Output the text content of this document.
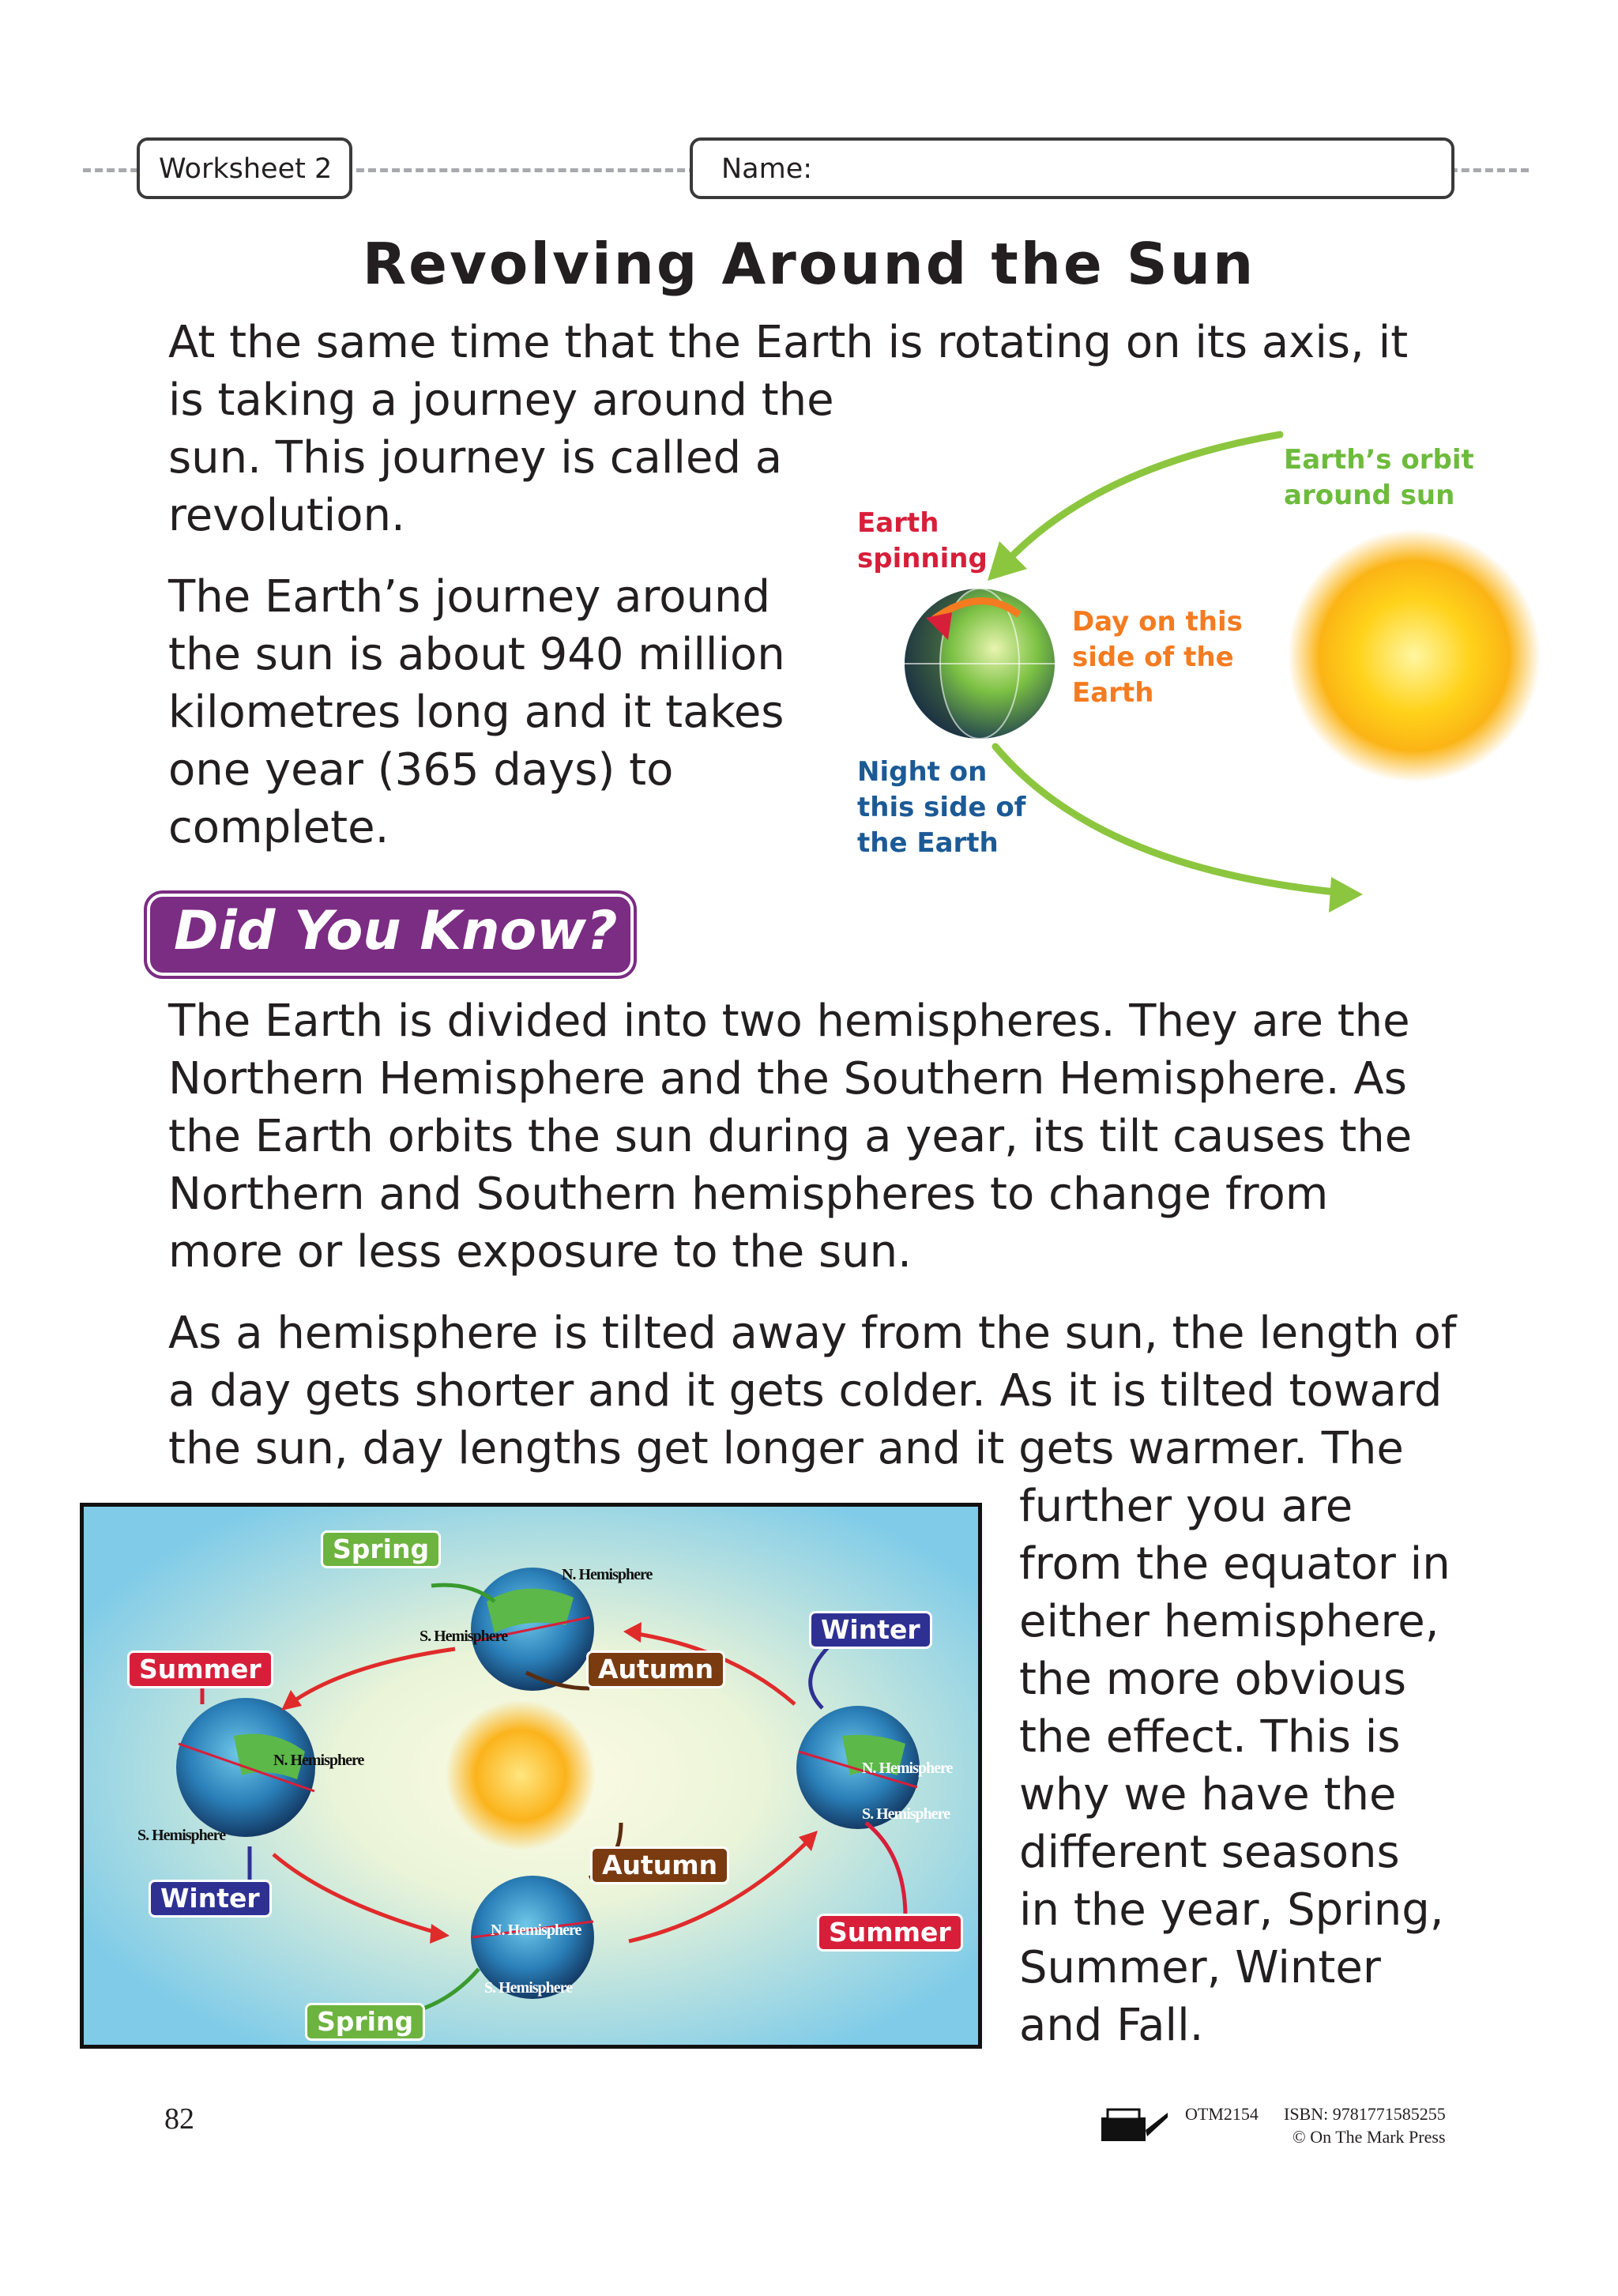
Worksheet 2	Name:
Revolving Around the Sun

At the same time that the Earth is rotating on its axis, it

is taking a journey around the

sun. This journey is called a

revolution.

The Earth’s journey around

the sun is about 940 million

kilometres long and it takes

one year (365 days) to

complete.

Earth
spinning
Earth’s orbit
around sun
Day on this
side of the
Earth
Night on
this side of
the Earth
Did You Know?

The Earth is divided into two hemispheres. They are the

Northern Hemisphere and the Southern Hemisphere. As

the Earth orbits the sun during a year, its tilt causes the

Northern and Southern hemispheres to change from

more or less exposure to the sun.

As a hemisphere is tilted away from the sun, the length of

a day gets shorter and it gets colder. As it is tilted toward

the sun, day lengths get longer and it gets warmer. The

further you are

from the equator in

either hemisphere,

the more obvious

the effect. This is

why we have the

different seasons

in the year, Spring,

Summer, Winter

and Fall.

Spring
Summer	Autumn
Winter
Winter
Autumn
Summer
Spring
N. Hemisphere
S. Hemisphere
N. Hemisphere
S. Hemisphere
N. Hemisphere
S. Hemisphere
N. Hemisphere
S. Hemisphere
82	OTM2154 ISBN: 9781771585255
© On The Mark Press
